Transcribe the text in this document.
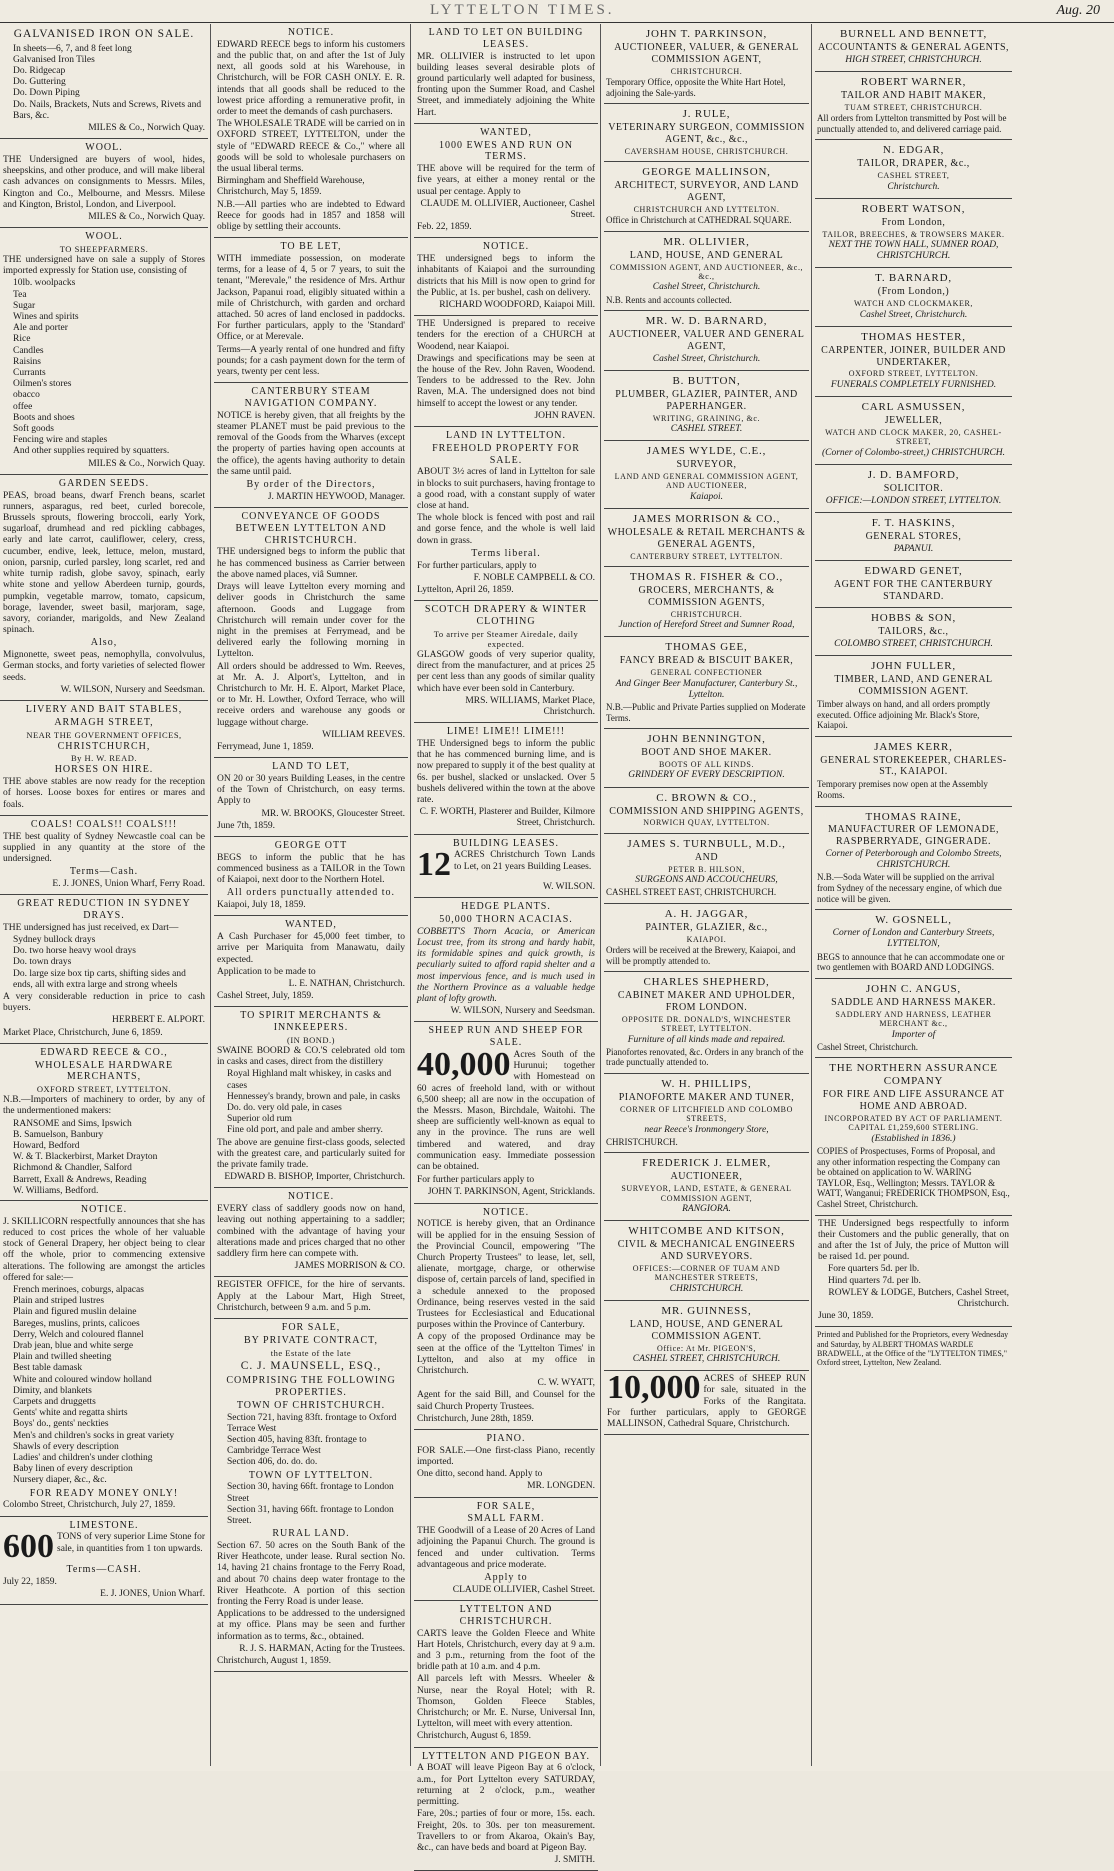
LYTTELTON TIMES.	Aug. 20
GALVANISED IRON ON SALE.
In sheets—6, 7, and 8 feet long
Galvanised Iron Tiles
Do. Ridgecap
Do. Guttering
Do. Down Piping
Do. Nails, Brackets, Nuts and Screws, Rivets and Bars, &c.
MILES & Co., Norwich Quay.
WOOL.
THE Undersigned are buyers of wool, hides, sheepskins, and other produce, and will make liberal cash advances on consignments to Messrs. Miles, Kington and Co., Melbourne, and Messrs. Milese and Kington, Bristol, London, and Liverpool.
MILES & Co., Norwich Quay.
WOOL.
TO SHEEPFARMERS.
THE undersigned have on sale a supply of Stores imported expressly for Station use, consisting of
10lb. woolpacks
Tea
Sugar
Wines and spirits
Ale and porter
Rice
Candles
Raisins
Currants
Oilmen's stores
obacco
offee
Boots and shoes
Soft goods
Fencing wire and staples
And other supplies required by squatters.
MILES & Co., Norwich Quay.
GARDEN SEEDS.
PEAS, broad beans, dwarf French beans, scarlet runners, asparagus, red beet, curled borecole, Brussels sprouts, flowering broccoli, early York, sugarloaf, drumhead and red pickling cabbages, early and late carrot, cauliflower, celery, cress, cucumber, endive, leek, lettuce, melon, mustard, onion, parsnip, curled parsley, long scarlet, red and white turnip radish, globe savoy, spinach, early white stone and yellow Aberdeen turnip, gourds, pumpkin, vegetable marrow, tomato, capsicum, borage, lavender, sweet basil, marjoram, sage, savory, coriander, marigolds, and New Zealand spinach.
Also,
Mignonette, sweet peas, nemophylla, convolvulus, German stocks, and forty varieties of selected flower seeds.
W. WILSON, Nursery and Seedsman.
LIVERY AND BAIT STABLES,
ARMAGH STREET,
NEAR THE GOVERNMENT OFFICES,
CHRISTCHURCH,
By H. W. READ.
HORSES ON HIRE.
THE above stables are now ready for the reception of horses. Loose boxes for entires or mares and foals.
COALS! COALS!! COALS!!!
THE best quality of Sydney Newcastle coal can be supplied in any quantity at the store of the undersigned.
Terms—Cash.
E. J. JONES, Union Wharf, Ferry Road.
GREAT REDUCTION IN SYDNEY DRAYS.
THE undersigned has just received, ex Dart—
Sydney bullock drays
Do. two horse heavy wool drays
Do. town drays
Do. large size box tip carts, shifting sides and ends, all with extra large and strong wheels
A very considerable reduction in price to cash buyers.
HERBERT E. ALPORT.
Market Place, Christchurch, June 6, 1859.
EDWARD REECE & CO.,
WHOLESALE HARDWARE MERCHANTS,
OXFORD STREET, LYTTELTON.
N.B.—Importers of machinery to order, by any of the undermentioned makers:
RANSOME and Sims, Ipswich
B. Samuelson, Banbury
Howard, Bedford
W. & T. Blackerbirst, Market Drayton
Richmond & Chandler, Salford
Barrett, Exall & Andrews, Reading
W. Williams, Bedford.
NOTICE.
J. SKILLICORN respectfully announces that she has reduced to cost prices the whole of her valuable stock of General Drapery, her object being to clear off the whole, prior to commencing extensive alterations. The following are amongst the articles offered for sale:—
French merinoes, coburgs, alpacas
Plain and striped lustres
Plain and figured muslin delaine
Bareges, muslins, prints, calicoes
Derry, Welch and coloured flannel
Drab jean, blue and white serge
Plain and twilled sheeting
Best table damask
White and coloured window holland
Dimity, and blankets
Carpets and druggetts
Gents' white and regatta shirts
Boys' do., gents' neckties
Men's and children's socks in great variety
Shawls of every description
Ladies' and children's under clothing
Baby linen of every description
Nursery diaper, &c., &c.
FOR READY MONEY ONLY!
Colombo Street, Christchurch, July 27, 1859.
LIMESTONE.
600 TONS of very superior Lime Stone for sale, in quantities from 1 ton upwards.
Terms—CASH.
July 22, 1859.
E. J. JONES, Union Wharf.
NOTICE.
EDWARD REECE begs to inform his customers and the public that, on and after the 1st of July next, all goods sold at his Warehouse, in Christchurch, will be FOR CASH ONLY. E. R. intends that all goods shall be reduced to the lowest price affording a remunerative profit, in order to meet the demands of cash purchasers.
The WHOLESALE TRADE will be carried on in OXFORD STREET, LYTTELTON, under the style of "EDWARD REECE & Co.," where all goods will be sold to wholesale purchasers on the usual liberal terms.
Birmingham and Sheffield Warehouse, Christchurch, May 5, 1859.
N.B.—All parties who are indebted to Edward Reece for goods had in 1857 and 1858 will oblige by settling their accounts.
TO BE LET,
WITH immediate possession, on moderate terms, for a lease of 4, 5 or 7 years, to suit the tenant, "Merevale," the residence of Mrs. Arthur Jackson, Papanui road, eligibly situated within a mile of Christchurch, with garden and orchard attached. 50 acres of land enclosed in paddocks. For further particulars, apply to the 'Standard' Office, or at Merevale.
Terms—A yearly rental of one hundred and fifty pounds; for a cash payment down for the term of years, twenty per cent less.
CANTERBURY STEAM NAVIGATION COMPANY.
NOTICE is hereby given, that all freights by the steamer PLANET must be paid previous to the removal of the Goods from the Wharves (except the property of parties having open accounts at the office), the agents having authority to detain the same until paid.
By order of the Directors,
J. MARTIN HEYWOOD, Manager.
CONVEYANCE OF GOODS BETWEEN LYTTELTON AND CHRISTCHURCH.
THE undersigned begs to inform the public that he has commenced business as Carrier between the above named places, viâ Sumner.
Drays will leave Lyttelton every morning and deliver goods in Christchurch the same afternoon. Goods and Luggage from Christchurch will remain under cover for the night in the premises at Ferrymead, and be delivered early the following morning in Lyttelton.
All orders should be addressed to Wm. Reeves, at Mr. A. J. Alport's, Lyttelton, and in Christchurch to Mr. H. E. Alport, Market Place, or to Mr. H. Lowther, Oxford Terrace, who will receive orders and warehouse any goods or luggage without charge.
WILLIAM REEVES.
Ferrymead, June 1, 1859.
LAND TO LET,
ON 20 or 30 years Building Leases, in the centre of the Town of Christchurch, on easy terms. Apply to
MR. W. BROOKS, Gloucester Street.
June 7th, 1859.
GEORGE OTT
BEGS to inform the public that he has commenced business as a TAILOR in the Town of Kaiapoi, next door to the Northern Hotel.
All orders punctually attended to.
Kaiapoi, July 18, 1859.
WANTED,
A Cash Purchaser for 45,000 feet timber, to arrive per Mariquita from Manawatu, daily expected.
Application to be made to
L. E. NATHAN, Christchurch.
Cashel Street, July, 1859.
TO SPIRIT MERCHANTS & INNKEEPERS.
(IN BOND.)
SWAINE BOORD & CO.'S celebrated old tom in casks and cases, direct from the distillery
Royal Highland malt whiskey, in casks and cases
Hennessey's brandy, brown and pale, in casks
Do. do. very old pale, in cases
Superior old rum
Fine old port, and pale and amber sherry.
The above are genuine first-class goods, selected with the greatest care, and particularly suited for the private family trade.
EDWARD B. BISHOP, Importer, Christchurch.
NOTICE.
EVERY class of saddlery goods now on hand, leaving out nothing appertaining to a saddler; combined with the advantage of having your alterations made and prices charged that no other saddlery firm here can compete with.
JAMES MORRISON & CO.
REGISTER OFFICE, for the hire of servants. Apply at the Labour Mart, High Street, Christchurch, between 9 a.m. and 5 p.m.
FOR SALE,
BY PRIVATE CONTRACT,
the Estate of the late
C. J. MAUNSELL, ESQ.,
COMPRISING THE FOLLOWING PROPERTIES.
TOWN OF CHRISTCHURCH.
Section 721, having 83ft. frontage to Oxford Terrace West
Section 405, having 83ft. frontage to Cambridge Terrace West
Section 406, do. do. do.
TOWN OF LYTTELTON.
Section 30, having 66ft. frontage to London Street
Section 31, having 66ft. frontage to London Street.
RURAL LAND.
Section 67. 50 acres on the South Bank of the River Heathcote, under lease. Rural section No. 14, having 21 chains frontage to the Ferry Road, and about 70 chains deep water frontage to the River Heathcote. A portion of this section fronting the Ferry Road is under lease.
Applications to be addressed to the undersigned at my office. Plans may be seen and further information as to terms, &c., obtained.
R. J. S. HARMAN, Acting for the Trustees.
Christchurch, August 1, 1859.
LAND TO LET ON BUILDING LEASES.
MR. OLLIVIER is instructed to let upon building leases several desirable plots of ground particularly well adapted for business, fronting upon the Summer Road, and Cashel Street, and immediately adjoining the White Hart.
WANTED,
1000 EWES AND RUN ON TERMS.
THE above will be required for the term of five years, at either a money rental or the usual per centage. Apply to
CLAUDE M. OLLIVIER, Auctioneer, Cashel Street.
Feb. 22, 1859.
NOTICE.
THE undersigned begs to inform the inhabitants of Kaiapoi and the surrounding districts that his Mill is now open to grind for the Public, at 1s. per bushel, cash on delivery.
RICHARD WOODFORD, Kaiapoi Mill.
THE Undersigned is prepared to receive tenders for the erection of a CHURCH at Woodend, near Kaiapoi.
Drawings and specifications may be seen at the house of the Rev. John Raven, Woodend. Tenders to be addressed to the Rev. John Raven, M.A. The undersigned does not bind himself to accept the lowest or any tender.
JOHN RAVEN.
LAND IN LYTTELTON.
FREEHOLD PROPERTY FOR SALE.
ABOUT 3½ acres of land in Lyttelton for sale in blocks to suit purchasers, having frontage to a good road, with a constant supply of water close at hand.
The whole block is fenced with post and rail and gorse fence, and the whole is well laid down in grass.
Terms liberal.
For further particulars, apply to
F. NOBLE CAMPBELL & CO.
Lyttelton, April 26, 1859.
SCOTCH DRAPERY & WINTER CLOTHING
To arrive per Steamer Airedale, daily expected.
GLASGOW goods of very superior quality, direct from the manufacturer, and at prices 25 per cent less than any goods of similar quality which have ever been sold in Canterbury.
MRS. WILLIAMS, Market Place, Christchurch.
LIME! LIME!! LIME!!!
THE Undersigned begs to inform the public that he has commenced burning lime, and is now prepared to supply it of the best quality at 6s. per bushel, slacked or unslacked. Over 5 bushels delivered within the town at the above rate.
C. F. WORTH, Plasterer and Builder, Kilmore Street, Christchurch.
BUILDING LEASES.
12 ACRES Christchurch Town Lands to Let, on 21 years Building Leases.
W. WILSON.
HEDGE PLANTS.
50,000 THORN ACACIAS.
COBBETT'S Thorn Acacia, or American Locust tree, from its strong and hardy habit, its formidable spines and quick growth, is peculiarly suited to afford rapid shelter and a most impervious fence, and is much used in the Northern Province as a valuable hedge plant of lofty growth.
W. WILSON, Nursery and Seedsman.
SHEEP RUN AND SHEEP FOR SALE.
40,000 Acres South of the Hurunui; together with Homestead on 60 acres of freehold land, with or without 6,500 sheep; all are now in the occupation of the Messrs. Mason, Birchdale, Waitohi. The sheep are sufficiently well-known as equal to any in the province. The runs are well timbered and watered, and dray communication easy. Immediate possession can be obtained.
For further particulars apply to
JOHN T. PARKINSON, Agent, Stricklands.
NOTICE.
NOTICE is hereby given, that an Ordinance will be applied for in the ensuing Session of the Provincial Council, empowering "The Church Property Trustees" to lease, let, sell, alienate, mortgage, charge, or otherwise dispose of, certain parcels of land, specified in a schedule annexed to the proposed Ordinance, being reserves vested in the said Trustees for Ecclesiastical and Educational purposes within the Province of Canterbury.
A copy of the proposed Ordinance may be seen at the office of the 'Lyttelton Times' in Lyttelton, and also at my office in Christchurch.
C. W. WYATT,
Agent for the said Bill, and Counsel for the said Church Property Trustees.
Christchurch, June 28th, 1859.
PIANO.
FOR SALE.—One first-class Piano, recently imported.
One ditto, second hand. Apply to
MR. LONGDEN.
FOR SALE,
SMALL FARM.
THE Goodwill of a Lease of 20 Acres of Land adjoining the Papanui Church. The ground is fenced and under cultivation. Terms advantageous and price moderate.
Apply to
CLAUDE OLLIVIER, Cashel Street.
LYTTELTON AND CHRISTCHURCH.
CARTS leave the Golden Fleece and White Hart Hotels, Christchurch, every day at 9 a.m. and 3 p.m., returning from the foot of the bridle path at 10 a.m. and 4 p.m.
All parcels left with Messrs. Wheeler & Nurse, near the Royal Hotel; with R. Thomson, Golden Fleece Stables, Christchurch; or Mr. E. Nurse, Universal Inn, Lyttelton, will meet with every attention.
Christchurch, August 6, 1859.
LYTTELTON AND PIGEON BAY.
A BOAT will leave Pigeon Bay at 6 o'clock, a.m., for Port Lyttelton every SATURDAY, returning at 2 o'clock, p.m., weather permitting.
Fare, 20s.; parties of four or more, 15s. each. Freight, 20s. to 30s. per ton measurement. Travellers to or from Akaroa, Okain's Bay, &c., can have beds and board at Pigeon Bay.
J. SMITH.
JOHN T. PARKINSON,
AUCTIONEER, VALUER, & GENERAL COMMISSION AGENT,
CHRISTCHURCH.
Temporary Office, opposite the White Hart Hotel, adjoining the Sale-yards.
J. RULE,
VETERINARY SURGEON, COMMISSION AGENT, &c., &c.,
CAVERSHAM HOUSE, CHRISTCHURCH.
GEORGE MALLINSON,
ARCHITECT, SURVEYOR, AND LAND AGENT,
CHRISTCHURCH AND LYTTELTON.
Office in Christchurch at CATHEDRAL SQUARE.
MR. OLLIVIER,
LAND, HOUSE, AND GENERAL
COMMISSION AGENT, AND AUCTIONEER, &c., &c.,
Cashel Street, Christchurch.
N.B. Rents and accounts collected.
MR. W. D. BARNARD,
AUCTIONEER, VALUER AND GENERAL AGENT,
Cashel Street, Christchurch.
B. BUTTON,
PLUMBER, GLAZIER, PAINTER, AND PAPERHANGER.
WRITING, GRAINING, &c.
CASHEL STREET.
JAMES WYLDE, C.E.,
SURVEYOR,
LAND AND GENERAL COMMISSION AGENT, AND AUCTIONEER,
Kaiapoi.
JAMES MORRISON & CO.,
WHOLESALE & RETAIL MERCHANTS & GENERAL AGENTS,
CANTERBURY STREET, LYTTELTON.
THOMAS R. FISHER & CO.,
GROCERS, MERCHANTS, & COMMISSION AGENTS,
CHRISTCHURCH.
Junction of Hereford Street and Sumner Road,
THOMAS GEE,
FANCY BREAD & BISCUIT BAKER,
GENERAL CONFECTIONER
And Ginger Beer Manufacturer, Canterbury St., Lyttelton.
N.B.—Public and Private Parties supplied on Moderate Terms.
JOHN BENNINGTON,
BOOT AND SHOE MAKER.
BOOTS OF ALL KINDS.
GRINDERY OF EVERY DESCRIPTION.
C. BROWN & CO.,
COMMISSION AND SHIPPING AGENTS,
NORWICH QUAY, LYTTELTON.
JAMES S. TURNBULL, M.D.,
AND
PETER B. HILSON,
SURGEONS AND ACCOUCHEURS,
CASHEL STREET EAST, CHRISTCHURCH.
A. H. JAGGAR,
PAINTER, GLAZIER, &c.,
KAIAPOI.
Orders will be received at the Brewery, Kaiapoi, and will be promptly attended to.
CHARLES SHEPHERD,
CABINET MAKER AND UPHOLDER, FROM LONDON.
OPPOSITE DR. DONALD'S, WINCHESTER STREET, LYTTELTON.
Furniture of all kinds made and repaired.
Pianofortes renovated, &c. Orders in any branch of the trade punctually attended to.
W. H. PHILLIPS,
PIANOFORTE MAKER AND TUNER,
CORNER OF LITCHFIELD AND COLOMBO STREETS,
near Reece's Ironmongery Store,
CHRISTCHURCH.
FREDERICK J. ELMER,
AUCTIONEER,
SURVEYOR, LAND, ESTATE, & GENERAL COMMISSION AGENT,
RANGIORA.
WHITCOMBE AND KITSON,
CIVIL & MECHANICAL ENGINEERS AND SURVEYORS.
OFFICES:—CORNER OF TUAM AND MANCHESTER STREETS,
CHRISTCHURCH.
MR. GUINNESS,
LAND, HOUSE, AND GENERAL COMMISSION AGENT.
Office: At Mr. PIGEON'S,
CASHEL STREET, CHRISTCHURCH.
10,000 ACRES of SHEEP RUN for sale, situated in the Forks of the Rangitata. For further particulars, apply to GEORGE MALLINSON, Cathedral Square, Christchurch.
BURNELL AND BENNETT,
ACCOUNTANTS & GENERAL AGENTS,
HIGH STREET, CHRISTCHURCH.
ROBERT WARNER,
TAILOR AND HABIT MAKER,
TUAM STREET, CHRISTCHURCH.
All orders from Lyttelton transmitted by Post will be punctually attended to, and delivered carriage paid.
N. EDGAR,
TAILOR, DRAPER, &c.,
CASHEL STREET,
Christchurch.
ROBERT WATSON,
From London,
TAILOR, BREECHES, & TROWSERS MAKER.
NEXT THE TOWN HALL, SUMNER ROAD, CHRISTCHURCH.
T. BARNARD,
(From London,)
WATCH AND CLOCKMAKER,
Cashel Street, Christchurch.
THOMAS HESTER,
CARPENTER, JOINER, BUILDER AND UNDERTAKER,
OXFORD STREET, LYTTELTON.
FUNERALS COMPLETELY FURNISHED.
CARL ASMUSSEN,
JEWELLER,
WATCH AND CLOCK MAKER, 20, CASHEL-STREET,
(Corner of Colombo-street,) CHRISTCHURCH.
J. D. BAMFORD,
SOLICITOR.
OFFICE:—LONDON STREET, LYTTELTON.
F. T. HASKINS,
GENERAL STORES,
PAPANUI.
EDWARD GENET,
AGENT FOR THE CANTERBURY STANDARD.
HOBBS & SON,
TAILORS, &c.,
COLOMBO STREET, CHRISTCHURCH.
JOHN FULLER,
TIMBER, LAND, AND GENERAL COMMISSION AGENT.
Timber always on hand, and all orders promptly executed. Office adjoining Mr. Black's Store, Kaiapoi.
JAMES KERR,
GENERAL STOREKEEPER, CHARLES-ST., KAIAPOI.
Temporary premises now open at the Assembly Rooms.
THOMAS RAINE,
MANUFACTURER OF LEMONADE, RASPBERRYADE, GINGERADE.
Corner of Peterborough and Colombo Streets, CHRISTCHURCH.
N.B.—Soda Water will be supplied on the arrival from Sydney of the necessary engine, of which due notice will be given.
W. GOSNELL,
Corner of London and Canterbury Streets, LYTTELTON,
BEGS to announce that he can accommodate one or two gentlemen with BOARD AND LODGINGS.
JOHN C. ANGUS,
SADDLE AND HARNESS MAKER.
SADDLERY AND HARNESS, LEATHER MERCHANT &c.,
Importer of
Cashel Street, Christchurch.
THE NORTHERN ASSURANCE COMPANY
FOR FIRE AND LIFE ASSURANCE AT HOME AND ABROAD.
INCORPORATED BY ACT OF PARLIAMENT. CAPITAL £1,259,600 STERLING.
(Established in 1836.)
COPIES of Prospectuses, Forms of Proposal, and any other information respecting the Company can be obtained on application to W. WARING TAYLOR, Esq., Wellington; Messrs. TAYLOR & WATT, Wanganui; FREDERICK THOMPSON, Esq., Cashel Street, Christchurch.
THE Undersigned begs respectfully to inform their Customers and the public generally, that on and after the 1st of July, the price of Mutton will be raised 1d. per pound.
Fore quarters 5d. per lb.
Hind quarters 7d. per lb.
ROWLEY & LODGE, Butchers, Cashel Street, Christchurch.
June 30, 1859.
Printed and Published for the Proprietors, every Wednesday and Saturday, by ALBERT THOMAS WARDLE BRADWELL, at the Office of the "LYTTELTON TIMES," Oxford street, Lyttelton, New Zealand.
